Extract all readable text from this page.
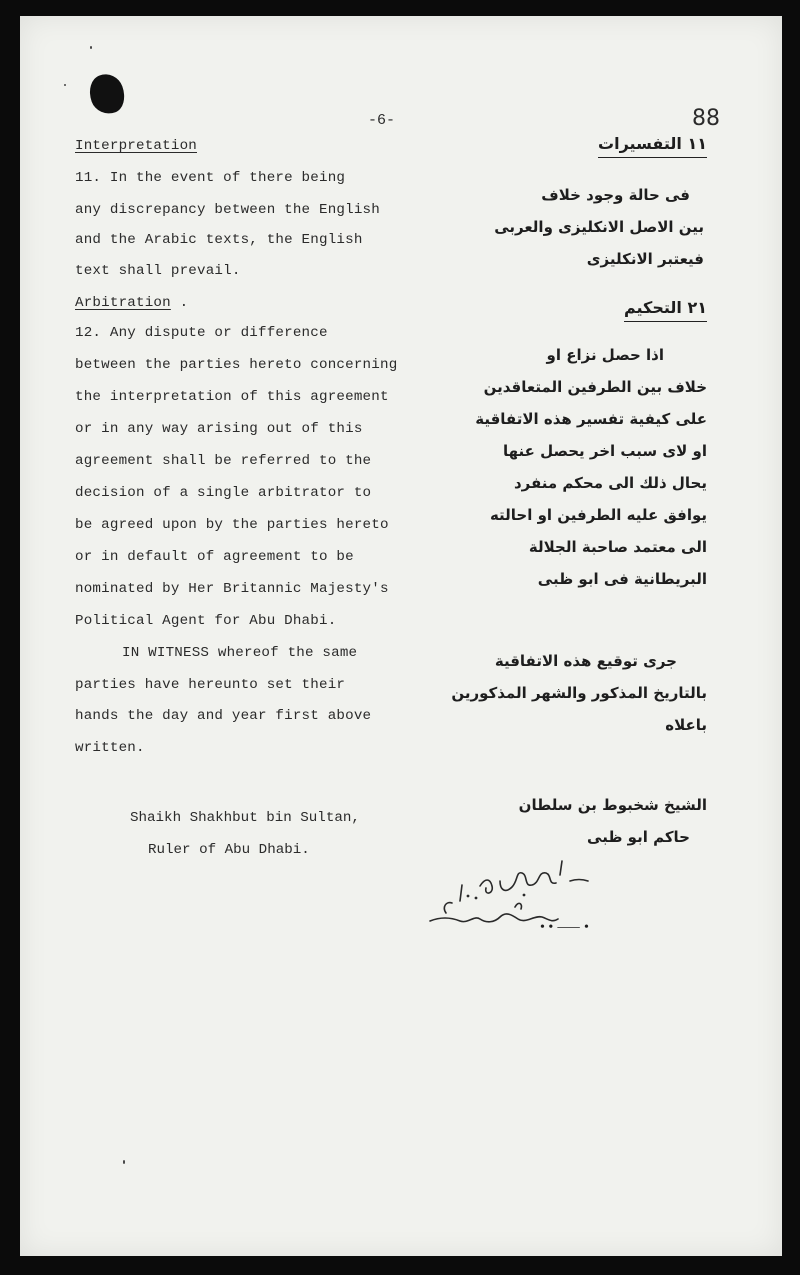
-6-	88
Interpretation
11. In the event of there being
any discrepancy between the English
and the Arabic texts, the English
text shall prevail.
Arbitration .
12. Any dispute or difference
between the parties hereto concerning
the interpretation of this agreement
or in any way arising out of this
agreement shall be referred to the
decision of a single arbitrator to
be agreed upon by the parties hereto
or in default of agreement to be
nominated by Her Britannic Majesty's
Political Agent for Abu Dhabi.
IN WITNESS whereof the same
parties have hereunto set their
hands the day and year first above
written.
Shaikh Shakhbut bin Sultan,
Ruler of Abu Dhabi.
١١ التفسيرات
فى حالة وجود خلاف
بين الاصل الانكليزى والعربى
فيعتبر الانكليزى
٢١ التحكيم
اذا حصل نزاع او
خلاف بين الطرفين المتعاقدين
على كيفية تفسير هذه الاتفاقية
او لاى سبب اخر يحصل عنها
يحال ذلك الى محكم منفرد
يوافق عليه الطرفين او احالته
الى معتمد صاحبة الجلالة
البريطانية فى ابو ظبى
جرى توقيع هذه الاتفاقية
بالتاريخ المذكور والشهر المذكورين
باعلاه
الشيخ شخبوط بن سلطان
حاكم ابو ظبى
• • ⸺ •
